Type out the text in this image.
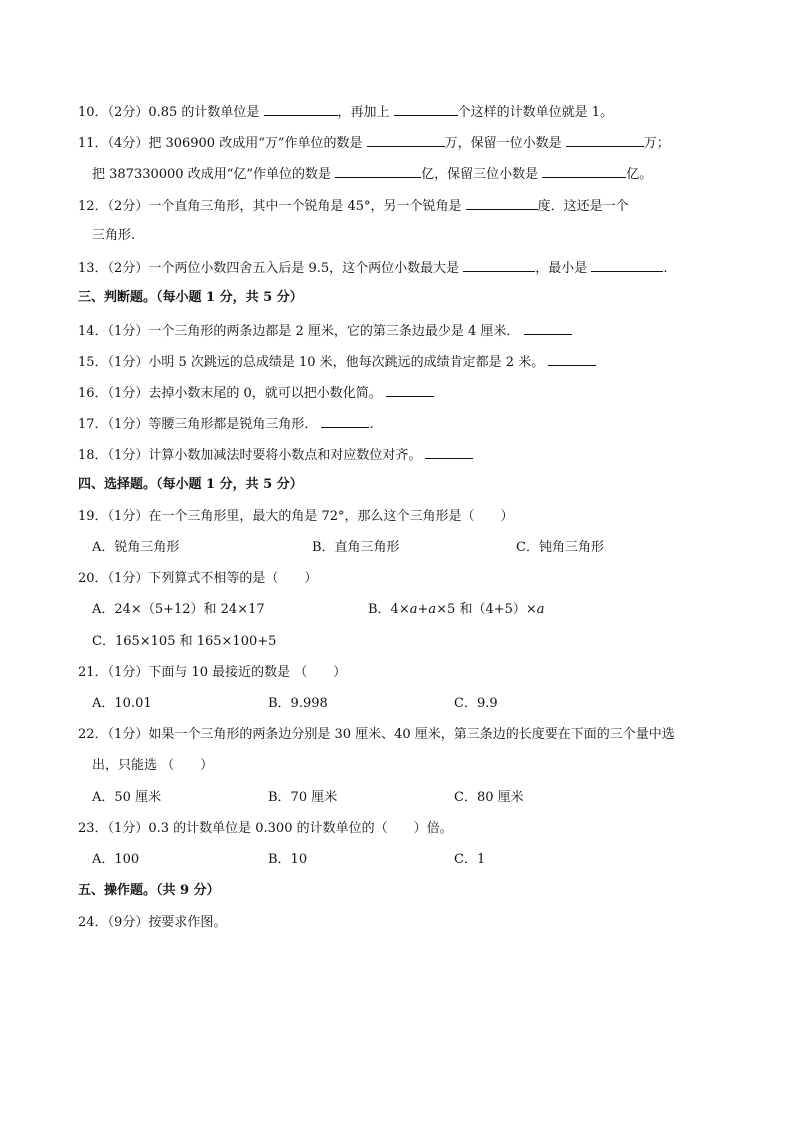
10．（2分）0.85 的计数单位是	，再加上	个这样的计数单位就是 1。
11．（4分）把 306900 改成用“万”作单位的数是	万，保留一位小数是	万；
把 387330000 改成用“亿”作单位的数是	亿，保留三位小数是	亿。
12．（2分）一个直角三角形，其中一个锐角是 45°，另一个锐角是	度．这还是一个
三角形.
13．（2分）一个两位小数四舍五入后是 9.5，这个两位小数最大是	，最小是	.
三、判断题。（每小题 1 分，共 5 分）
14．（1分）一个三角形的两条边都是 2 厘米，它的第三条边最少是 4 厘米．
15．（1分）小明 5 次跳远的总成绩是 10 米，他每次跳远的成绩肯定都是 2 米。
16．（1分）去掉小数末尾的 0，就可以把小数化简。
17．（1分）等腰三角形都是锐角三角形．	.
18．（1分）计算小数加减法时要将小数点和对应数位对齐。
四、选择题。（每小题 1 分，共 5 分）
19．（1分）在一个三角形里，最大的角是 72°，那么这个三角形是（　　）
A．锐角三角形	B．直角三角形	C．钝角三角形
20．（1分）下列算式不相等的是（　　）
A．24×（5+12）和 24×17	B．4×a+a×5 和（4+5）×a
C．165×105 和 165×100+5
21．（1分）下面与 10 最接近的数是 （　　）
A．10.01	B．9.998	C．9.9
22．（1分）如果一个三角形的两条边分别是 30 厘米、40 厘米，第三条边的长度要在下面的三个量中选
出，只能选 （　　）
A．50 厘米	B．70 厘米	C．80 厘米
23．（1分）0.3 的计数单位是 0.300 的计数单位的（　　）倍。
A．100	B．10	C．1
五、操作题。（共 9 分）
24．（9分）按要求作图。
